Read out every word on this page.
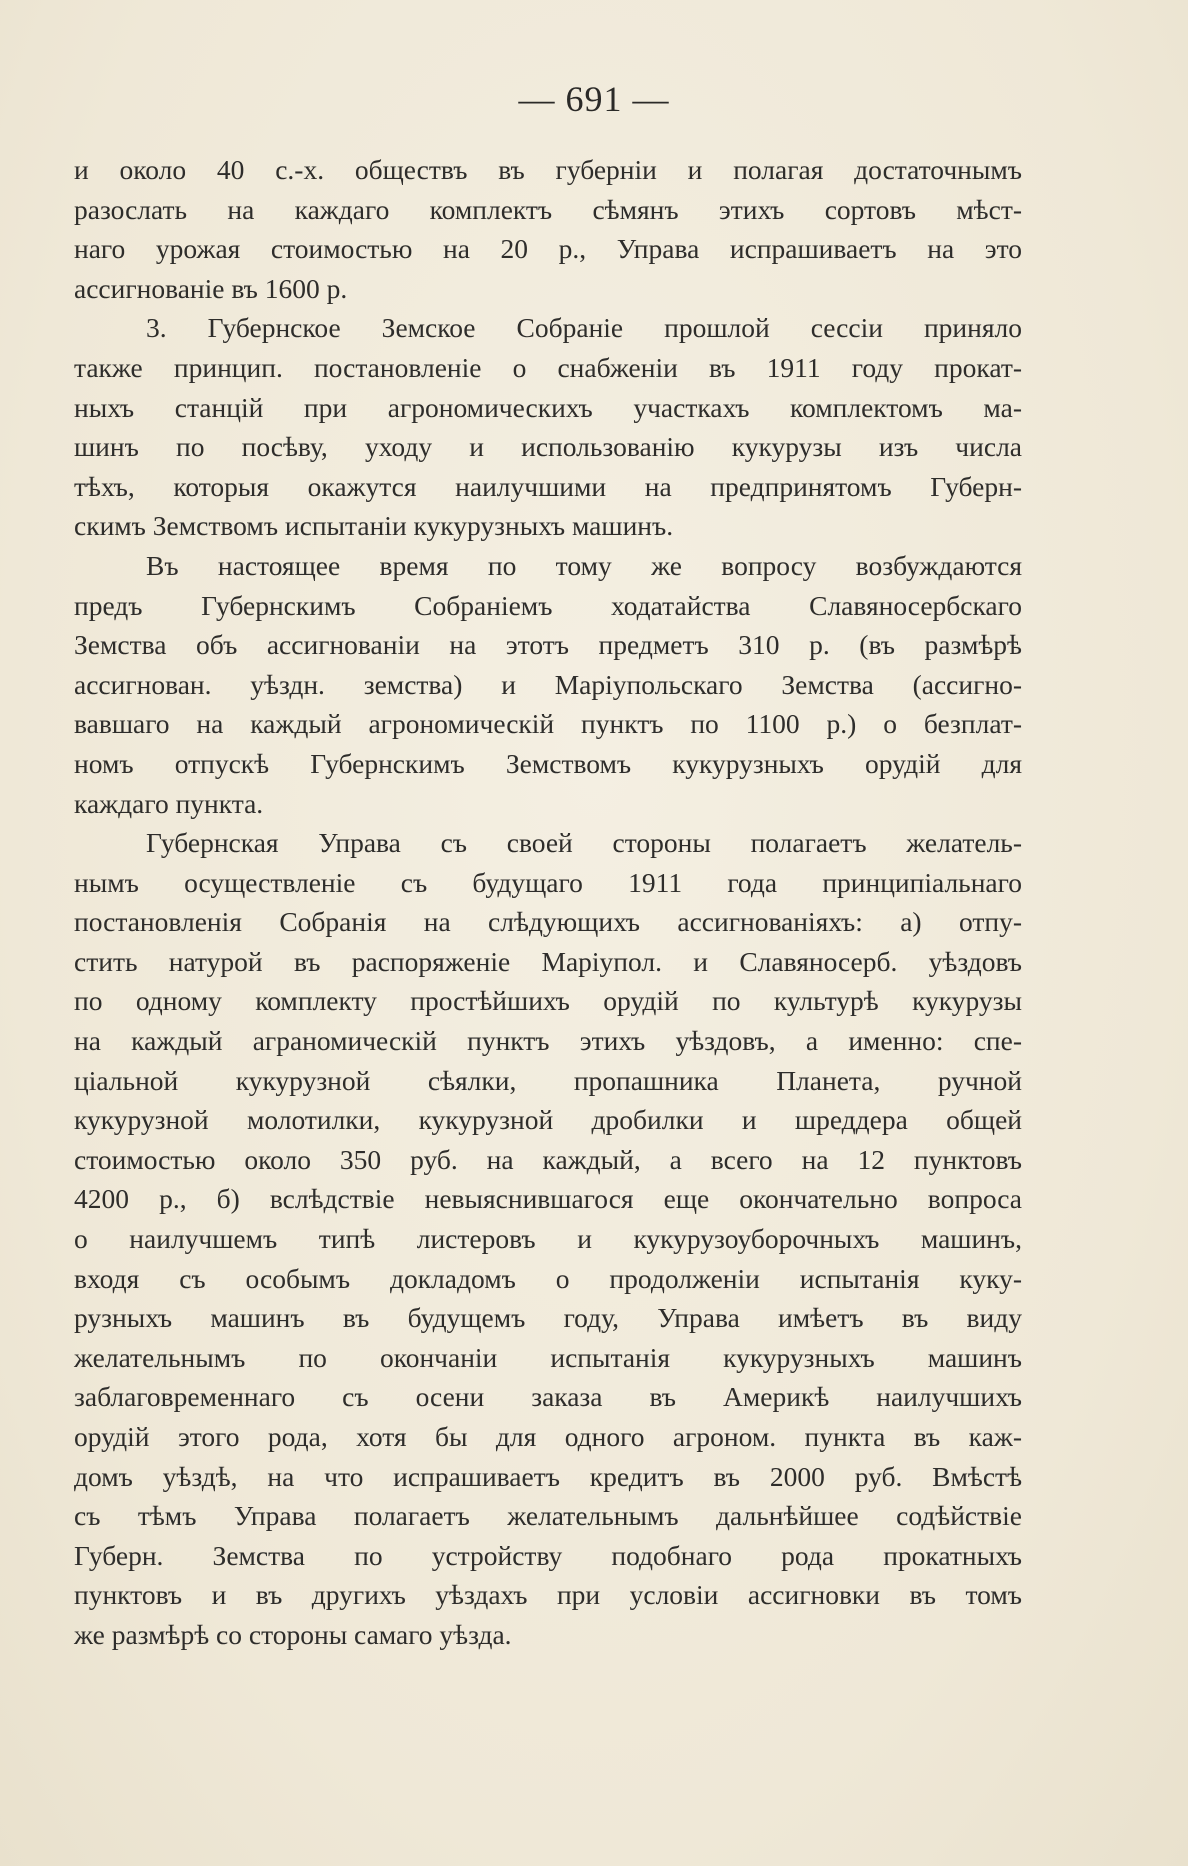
— 691 —
и около 40 с.-х. обществъ въ губерніи и полагая достаточнымъ
разослать на каждаго комплектъ сѣмянъ этихъ сортовъ мѣст-
наго урожая стоимостью на 20 р., Управа испрашиваетъ на это
ассигнованіе въ 1600 р.
3. Губернское Земское Собраніе прошлой сессіи приняло
также принцип. постановленіе о снабженіи въ 1911 году прокат-
ныхъ станцій при агрономическихъ участкахъ комплектомъ ма-
шинъ по посѣву, уходу и использованію кукурузы изъ числа
тѣхъ, которыя окажутся наилучшими на предпринятомъ Губерн-
скимъ Земствомъ испытаніи кукурузныхъ машинъ.
Въ настоящее время по тому же вопросу возбуждаются
предъ Губернскимъ Собраніемъ ходатайства Славяносербскаго
Земства объ ассигнованіи на этотъ предметъ 310 р. (въ размѣрѣ
ассигнован. уѣздн. земства) и Маріупольскаго Земства (ассигно-
вавшаго на каждый агрономическій пунктъ по 1100 р.) о безплат-
номъ отпускѣ Губернскимъ Земствомъ кукурузныхъ орудій для
каждаго пункта.
Губернская Управа съ своей стороны полагаетъ желатель-
нымъ осуществленіе съ будущаго 1911 года принципіальнаго
постановленія Собранія на слѣдующихъ ассигнованіяхъ: а) отпу-
стить натурой въ распоряженіе Маріупол. и Славяносерб. уѣздовъ
по одному комплекту простѣйшихъ орудій по культурѣ кукурузы
на каждый аграномическій пунктъ этихъ уѣздовъ, а именно: спе-
ціальной кукурузной сѣялки, пропашника Планета, ручной
кукурузной молотилки, кукурузной дробилки и шреддера общей
стоимостью около 350 руб. на каждый, а всего на 12 пунктовъ
4200 р., б) вслѣдствіе невыяснившагося еще окончательно вопроса
о наилучшемъ типѣ листеровъ и кукурузоуборочныхъ машинъ,
входя съ особымъ докладомъ о продолженіи испытанія куку-
рузныхъ машинъ въ будущемъ году, Управа имѣетъ въ виду
желательнымъ по окончаніи испытанія кукурузныхъ машинъ
заблаговременнаго съ осени заказа въ Америкѣ наилучшихъ
орудій этого рода, хотя бы для одного агроном. пункта въ каж-
домъ уѣздѣ, на что испрашиваетъ кредитъ въ 2000 руб. Вмѣстѣ
съ тѣмъ Управа полагаетъ желательнымъ дальнѣйшее содѣйствіе
Губерн. Земства по устройству подобнаго рода прокатныхъ
пунктовъ и въ другихъ уѣздахъ при условіи ассигновки въ томъ
же размѣрѣ со стороны самаго уѣзда.
